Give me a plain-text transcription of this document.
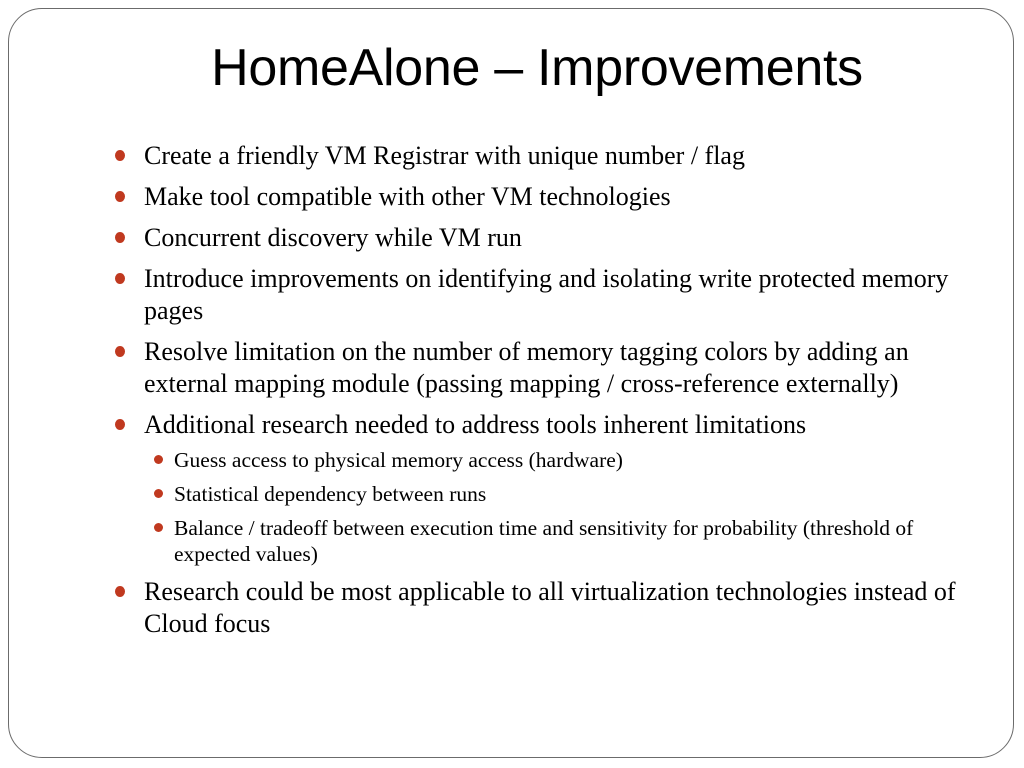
HomeAlone – Improvements
Create a friendly VM Registrar with unique number / flag
Make tool compatible with other VM technologies
Concurrent discovery while VM run
Introduce improvements on identifying and isolating write protected memory pages
Resolve limitation on the number of memory tagging colors by adding an external mapping module (passing mapping / cross-reference externally)
Additional research needed to address tools inherent limitations
Guess access to physical memory access (hardware)
Statistical dependency between runs
Balance / tradeoff between execution time and sensitivity for probability (threshold of expected values)
Research could be most applicable to all virtualization technologies instead of Cloud focus
